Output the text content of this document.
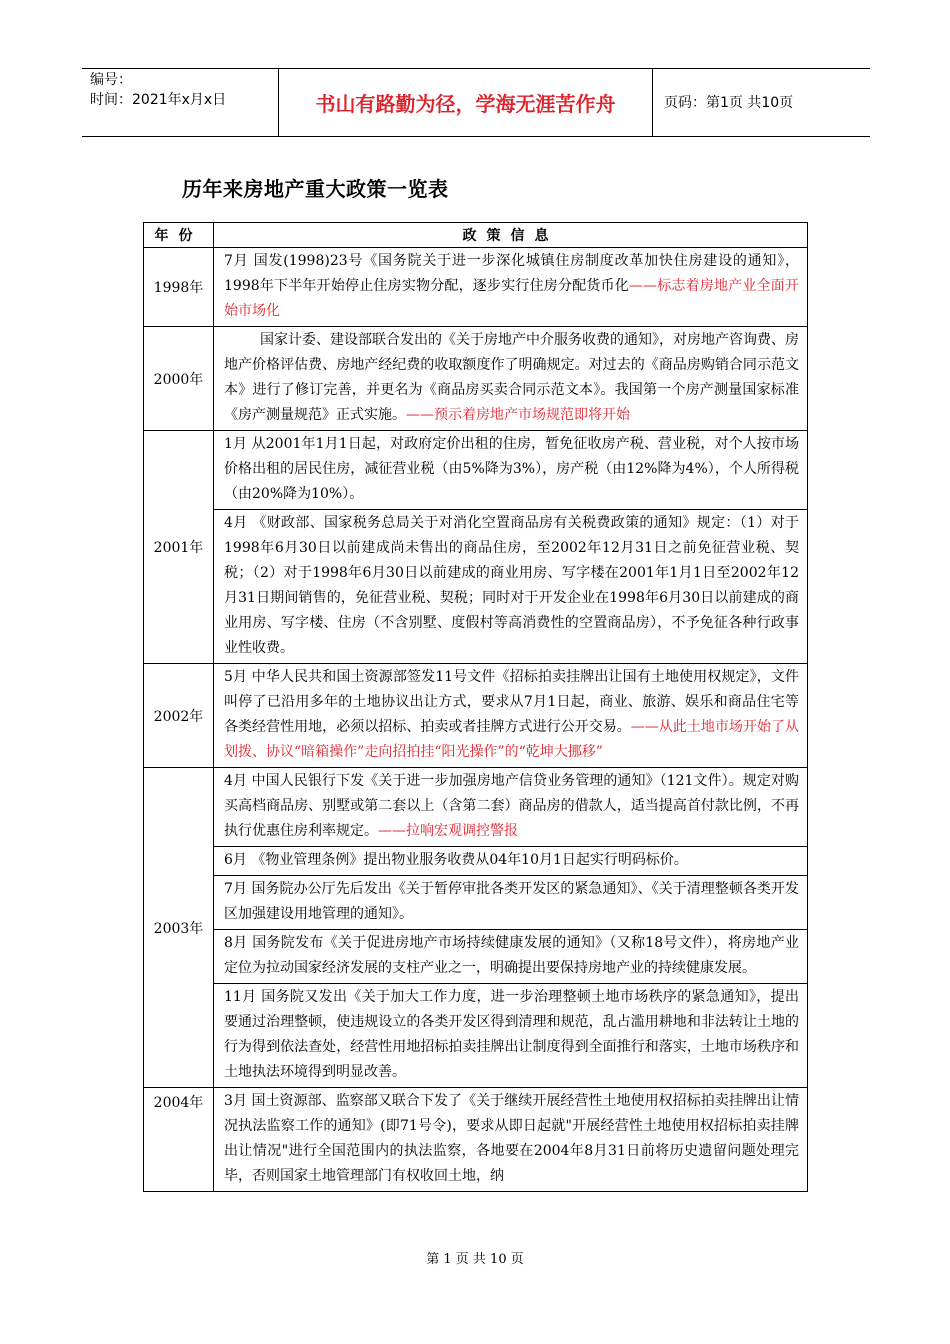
编号：
时间：2021年x月x日	书山有路勤为径，学海无涯苦作舟	页码：第1页 共10页
历年来房地产重大政策一览表
年份	政策信息
1998年	7月 国发(1998)23号《国务院关于进一步深化城镇住房制度改革加快住房建设的通知》，1998年下半年开始停止住房实物分配，逐步实行住房分配货币化——标志着房地产业全面开始市场化
2000年	国家计委、建设部联合发出的《关于房地产中介服务收费的通知》，对房地产咨询费、房地产价格评估费、房地产经纪费的收取额度作了明确规定。对过去的《商品房购销合同示范文本》进行了修订完善，并更名为《商品房买卖合同示范文本》。我国第一个房产测量国家标准《房产测量规范》正式实施。——预示着房地产市场规范即将开始
2001年	1月 从2001年1月1日起，对政府定价出租的住房，暂免征收房产税、营业税，对个人按市场价格出租的居民住房，减征营业税（由5%降为3%），房产税（由12%降为4%），个人所得税（由20%降为10%）。
	4月 《财政部、国家税务总局关于对消化空置商品房有关税费政策的通知》规定：（1）对于1998年6月30日以前建成尚未售出的商品住房，至2002年12月31日之前免征营业税、契税；（2）对于1998年6月30日以前建成的商业用房、写字楼在2001年1月1日至2002年12月31日期间销售的，免征营业税、契税；同时对于开发企业在1998年6月30日以前建成的商业用房、写字楼、住房（不含别墅、度假村等高消费性的空置商品房），不予免征各种行政事业性收费。
2002年	5月 中华人民共和国土资源部签发11号文件《招标拍卖挂牌出让国有土地使用权规定》，文件叫停了已沿用多年的土地协议出让方式，要求从7月1日起，商业、旅游、娱乐和商品住宅等各类经营性用地，必须以招标、拍卖或者挂牌方式进行公开交易。——从此土地市场开始了从划拨、协议“暗箱操作”走向招拍挂“阳光操作”的“乾坤大挪移”
2003年	4月 中国人民银行下发《关于进一步加强房地产信贷业务管理的通知》（121文件）。规定对购买高档商品房、别墅或第二套以上（含第二套）商品房的借款人，适当提高首付款比例，不再执行优惠住房利率规定。——拉响宏观调控警报
	6月 《物业管理条例》提出物业服务收费从04年10月1日起实行明码标价。
	7月 国务院办公厅先后发出《关于暂停审批各类开发区的紧急通知》、《关于清理整顿各类开发区加强建设用地管理的通知》。
	8月 国务院发布《关于促进房地产市场持续健康发展的通知》（又称18号文件），将房地产业定位为拉动国家经济发展的支柱产业之一，明确提出要保持房地产业的持续健康发展。
	11月 国务院又发出《关于加大工作力度，进一步治理整顿土地市场秩序的紧急通知》，提出要通过治理整顿，使违规设立的各类开发区得到清理和规范，乱占滥用耕地和非法转让土地的行为得到依法查处，经营性用地招标拍卖挂牌出让制度得到全面推行和落实，土地市场秩序和土地执法环境得到明显改善。
2004年	3月 国土资源部、监察部又联合下发了《关于继续开展经营性土地使用权招标拍卖挂牌出让情况执法监察工作的通知》(即71号令)，要求从即日起就"开展经营性土地使用权招标拍卖挂牌出让情况"进行全国范围内的执法监察，各地要在2004年8月31日前将历史遗留问题处理完毕，否则国家土地管理部门有权收回土地，纳
第 1 页 共 10 页
